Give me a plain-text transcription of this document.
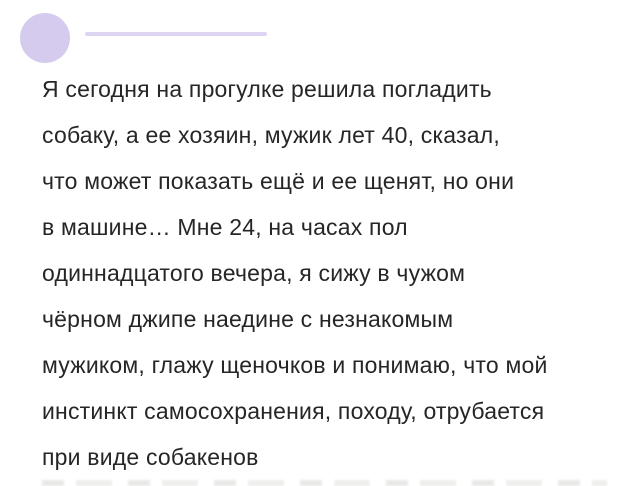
Я сегодня на прогулке решила погладить
собаку, а ее хозяин, мужик лет 40, сказал,
что может показать ещё и ее щенят, но они
в машине… Мне 24, на часах пол
одиннадцатого вечера, я сижу в чужом
чёрном джипе наедине с незнакомым
мужиком, глажу щеночков и понимаю, что мой
инстинкт самосохранения, походу, отрубается
при виде собакенов
